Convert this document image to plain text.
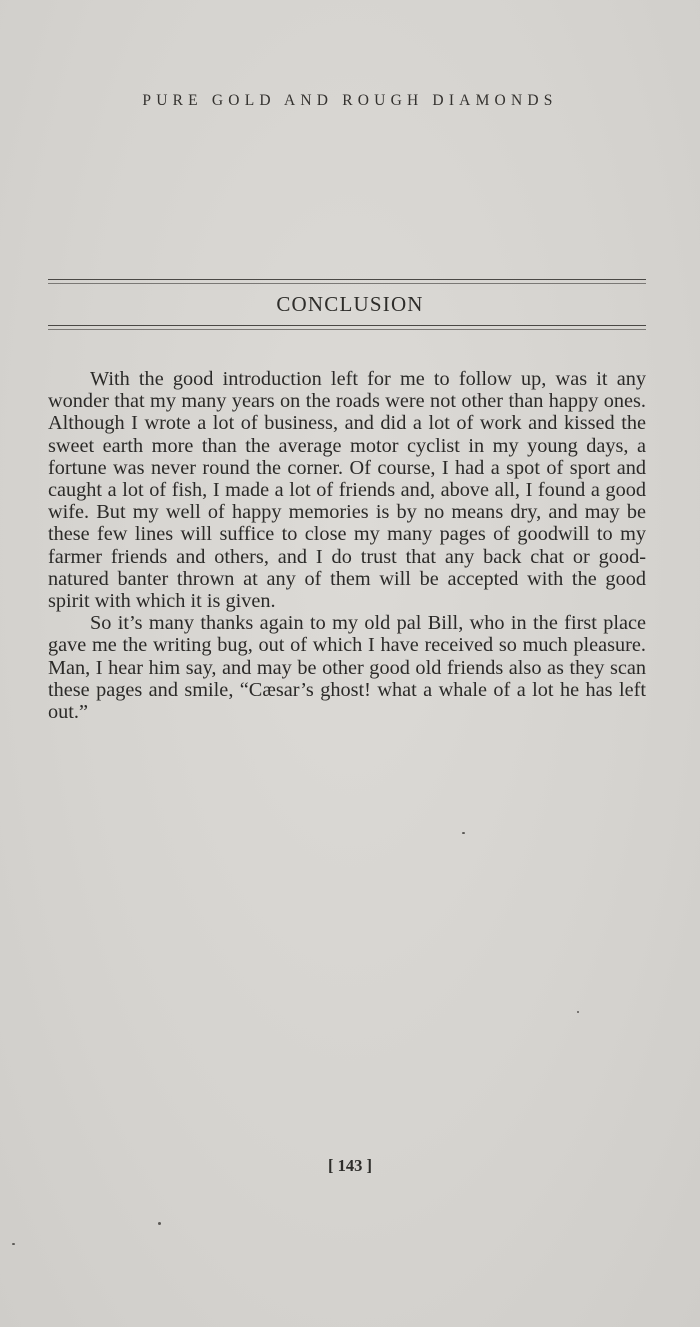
PURE GOLD AND ROUGH DIAMONDS
CONCLUSION

With the good introduction left for me to follow up, was it any wonder that my many years on the roads were not other than happy ones. Although I wrote a lot of business, and did a lot of work and kissed the sweet earth more than the average motor cyclist in my young days, a fortune was never round the corner. Of course, I had a spot of sport and caught a lot of fish, I made a lot of friends and, above all, I found a good wife. But my well of happy memories is by no means dry, and may be these few lines will suffice to close my many pages of goodwill to my farmer friends and others, and I do trust that any back chat or good-natured banter thrown at any of them will be accepted with the good spirit with which it is given.

So it’s many thanks again to my old pal Bill, who in the first place gave me the writing bug, out of which I have received so much pleasure. Man, I hear him say, and may be other good old friends also as they scan these pages and smile, “Cæsar’s ghost! what a whale of a lot he has left out.”

[ 143 ]
